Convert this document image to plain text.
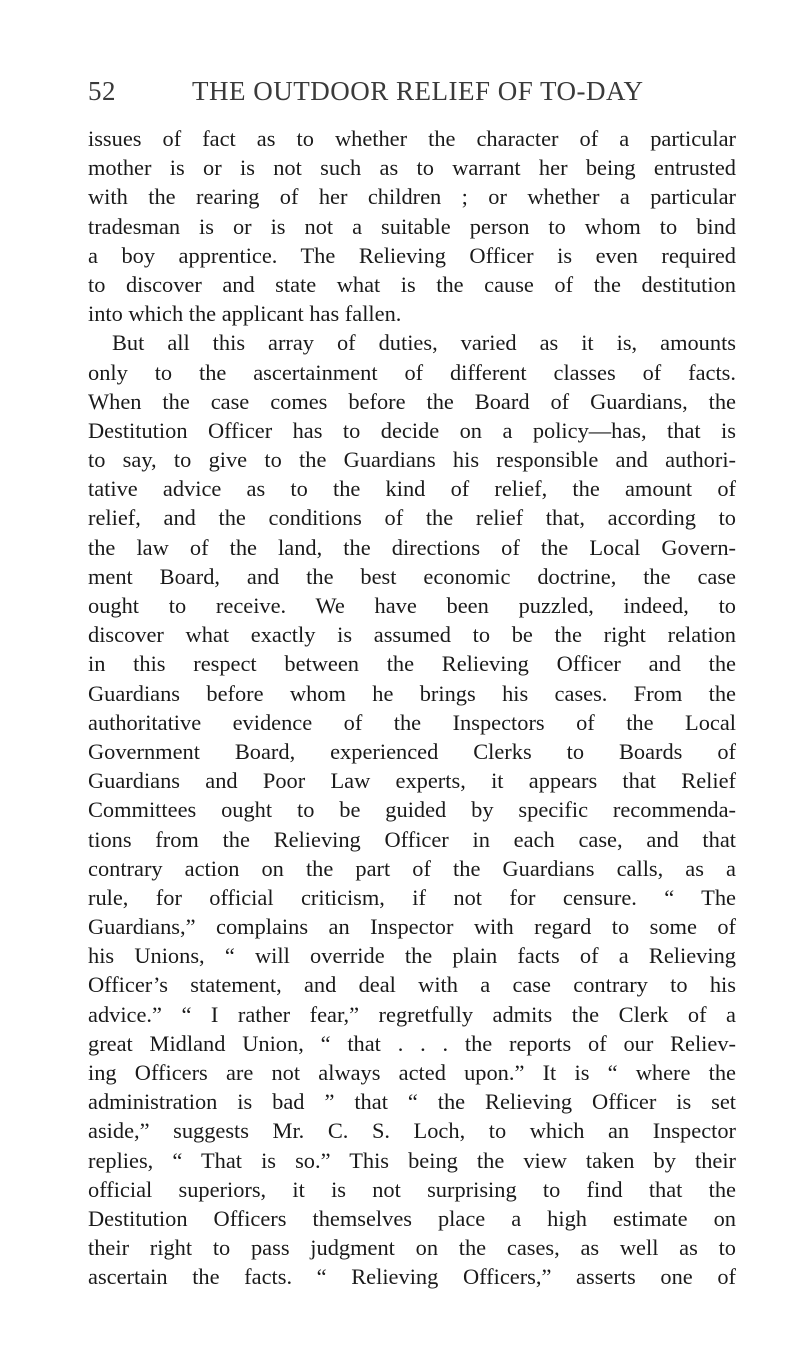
52	THE OUTDOOR RELIEF OF TO-DAY
issues of fact as to whether the character of a particular
mother is or is not such as to warrant her being entrusted
with the rearing of her children ; or whether a particular
tradesman is or is not a suitable person to whom to bind
a boy apprentice. The Relieving Officer is even required
to discover and state what is the cause of the destitution
into which the applicant has fallen.
But all this array of duties, varied as it is, amounts
only to the ascertainment of different classes of facts.
When the case comes before the Board of Guardians, the
Destitution Officer has to decide on a policy—has, that is
to say, to give to the Guardians his responsible and authori-
tative advice as to the kind of relief, the amount of
relief, and the conditions of the relief that, according to
the law of the land, the directions of the Local Govern-
ment Board, and the best economic doctrine, the case
ought to receive. We have been puzzled, indeed, to
discover what exactly is assumed to be the right relation
in this respect between the Relieving Officer and the
Guardians before whom he brings his cases. From the
authoritative evidence of the Inspectors of the Local
Government Board, experienced Clerks to Boards of
Guardians and Poor Law experts, it appears that Relief
Committees ought to be guided by specific recommenda-
tions from the Relieving Officer in each case, and that
contrary action on the part of the Guardians calls, as a
rule, for official criticism, if not for censure. “ The
Guardians,” complains an Inspector with regard to some of
his Unions, “ will override the plain facts of a Relieving
Officer’s statement, and deal with a case contrary to his
advice.” “ I rather fear,” regretfully admits the Clerk of a
great Midland Union, “ that . . . the reports of our Reliev-
ing Officers are not always acted upon.” It is “ where the
administration is bad ” that “ the Relieving Officer is set
aside,” suggests Mr. C. S. Loch, to which an Inspector
replies, “ That is so.” This being the view taken by their
official superiors, it is not surprising to find that the
Destitution Officers themselves place a high estimate on
their right to pass judgment on the cases, as well as to
ascertain the facts. “ Relieving Officers,” asserts one of
